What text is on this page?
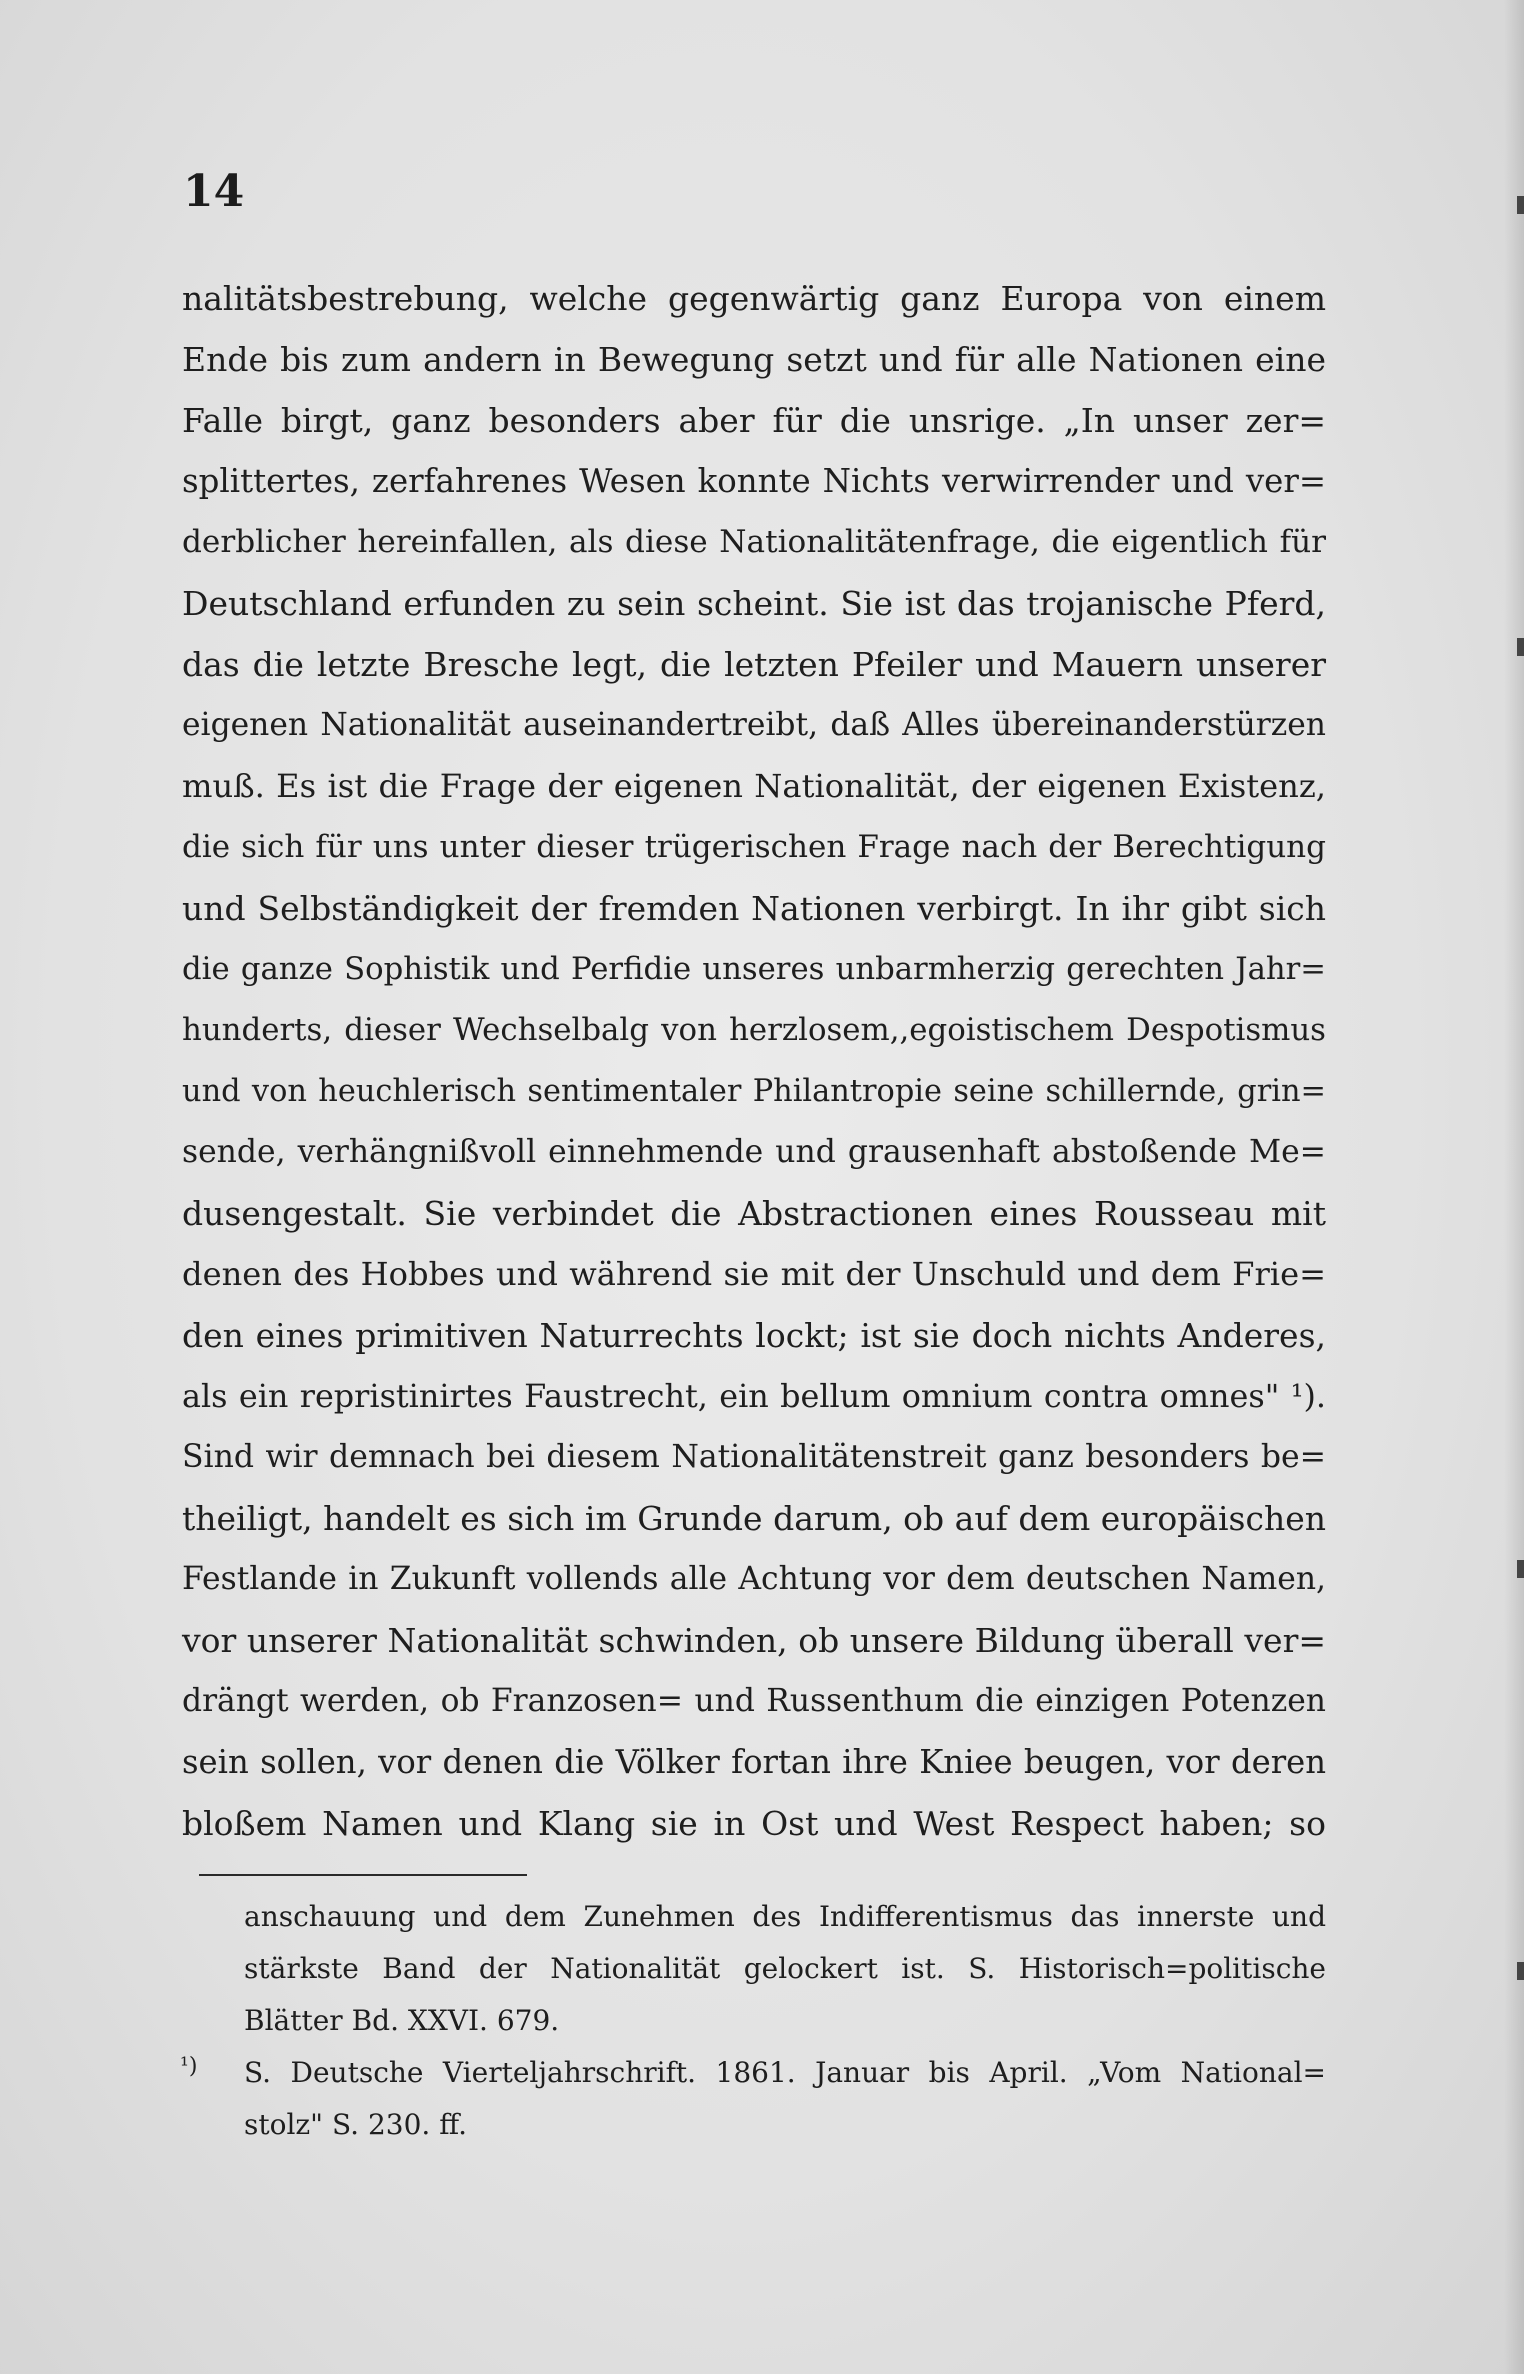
14
nalitätsbestrebung, welche gegenwärtig ganz Europa von einem
Ende bis zum andern in Bewegung setzt und für alle Nationen eine
Falle birgt, ganz besonders aber für die unsrige. „In unser zer=
splittertes, zerfahrenes Wesen konnte Nichts verwirrender und ver=
derblicher hereinfallen, als diese Nationalitätenfrage, die eigentlich für
Deutschland erfunden zu sein scheint. Sie ist das trojanische Pferd,
das die letzte Bresche legt, die letzten Pfeiler und Mauern unserer
eigenen Nationalität auseinandertreibt, daß Alles übereinanderstürzen
muß. Es ist die Frage der eigenen Nationalität, der eigenen Existenz,
die sich für uns unter dieser trügerischen Frage nach der Berechtigung
und Selbständigkeit der fremden Nationen verbirgt. In ihr gibt sich
die ganze Sophistik und Perfidie unseres unbarmherzig gerechten Jahr=
hunderts, dieser Wechselbalg von herzlosem,,egoistischem Despotismus
und von heuchlerisch sentimentaler Philantropie seine schillernde, grin=
sende, verhängnißvoll einnehmende und grausenhaft abstoßende Me=
dusengestalt. Sie verbindet die Abstractionen eines Rousseau mit
denen des Hobbes und während sie mit der Unschuld und dem Frie=
den eines primitiven Naturrechts lockt; ist sie doch nichts Anderes,
als ein repristinirtes Faustrecht, ein bellum omnium contra omnes" ¹).
Sind wir demnach bei diesem Nationalitätenstreit ganz besonders be=
theiligt, handelt es sich im Grunde darum, ob auf dem europäischen
Festlande in Zukunft vollends alle Achtung vor dem deutschen Namen,
vor unserer Nationalität schwinden, ob unsere Bildung überall ver=
drängt werden, ob Franzosen= und Russenthum die einzigen Potenzen
sein sollen, vor denen die Völker fortan ihre Kniee beugen, vor deren
bloßem Namen und Klang sie in Ost und West Respect haben; so
anschauung und dem Zunehmen des Indifferentismus das innerste und
stärkste Band der Nationalität gelockert ist. S. Historisch=politische
Blätter Bd. XXVI. 679.
¹) S. Deutsche Vierteljahrschrift. 1861. Januar bis April. „Vom National=
stolz" S. 230. ff.
